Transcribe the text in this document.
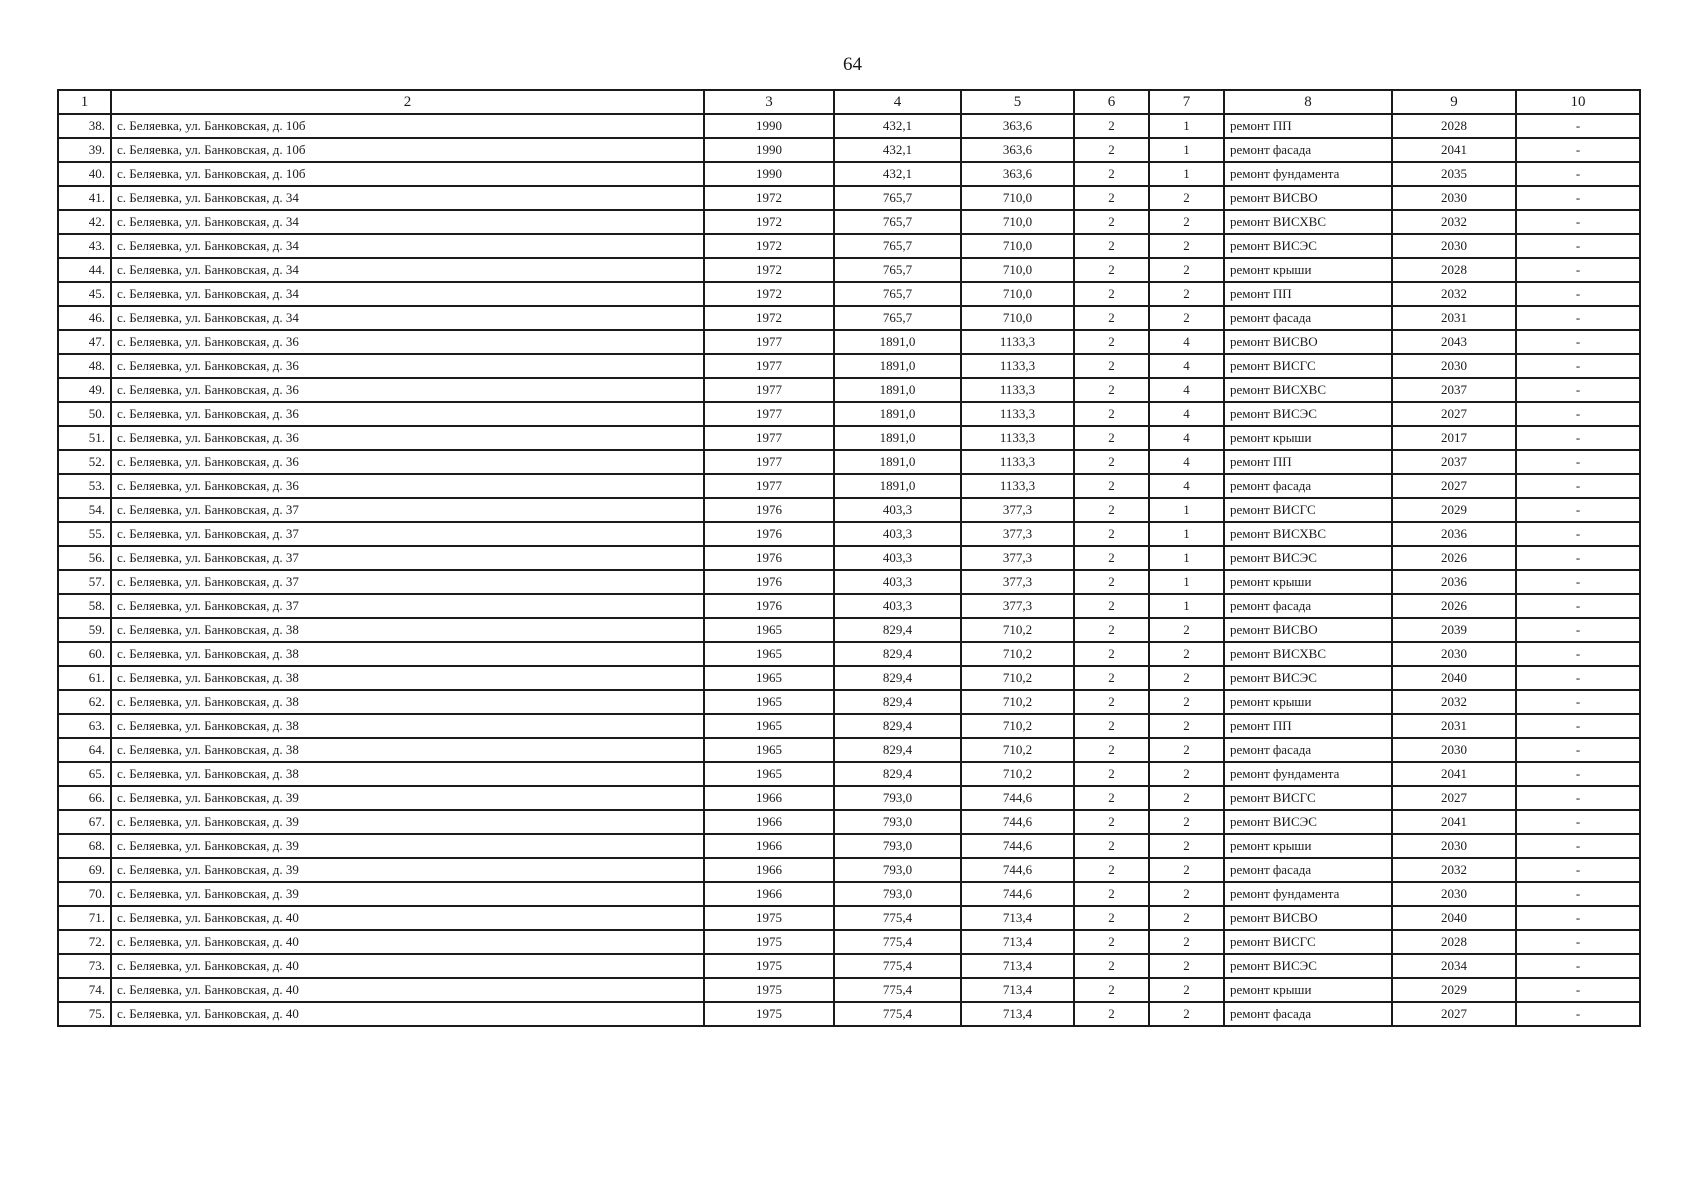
64
1	2	3	4	5	6	7	8	9	10
38.	с. Беляевка, ул. Банковская, д. 10б	1990	432,1	363,6	2	1	ремонт ПП	2028	-
39.	с. Беляевка, ул. Банковская, д. 10б	1990	432,1	363,6	2	1	ремонт фасада	2041	-
40.	с. Беляевка, ул. Банковская, д. 10б	1990	432,1	363,6	2	1	ремонт фундамента	2035	-
41.	с. Беляевка, ул. Банковская, д. 34	1972	765,7	710,0	2	2	ремонт ВИСВО	2030	-
42.	с. Беляевка, ул. Банковская, д. 34	1972	765,7	710,0	2	2	ремонт ВИСХВС	2032	-
43.	с. Беляевка, ул. Банковская, д. 34	1972	765,7	710,0	2	2	ремонт ВИСЭС	2030	-
44.	с. Беляевка, ул. Банковская, д. 34	1972	765,7	710,0	2	2	ремонт крыши	2028	-
45.	с. Беляевка, ул. Банковская, д. 34	1972	765,7	710,0	2	2	ремонт ПП	2032	-
46.	с. Беляевка, ул. Банковская, д. 34	1972	765,7	710,0	2	2	ремонт фасада	2031	-
47.	с. Беляевка, ул. Банковская, д. 36	1977	1891,0	1133,3	2	4	ремонт ВИСВО	2043	-
48.	с. Беляевка, ул. Банковская, д. 36	1977	1891,0	1133,3	2	4	ремонт ВИСГС	2030	-
49.	с. Беляевка, ул. Банковская, д. 36	1977	1891,0	1133,3	2	4	ремонт ВИСХВС	2037	-
50.	с. Беляевка, ул. Банковская, д. 36	1977	1891,0	1133,3	2	4	ремонт ВИСЭС	2027	-
51.	с. Беляевка, ул. Банковская, д. 36	1977	1891,0	1133,3	2	4	ремонт крыши	2017	-
52.	с. Беляевка, ул. Банковская, д. 36	1977	1891,0	1133,3	2	4	ремонт ПП	2037	-
53.	с. Беляевка, ул. Банковская, д. 36	1977	1891,0	1133,3	2	4	ремонт фасада	2027	-
54.	с. Беляевка, ул. Банковская, д. 37	1976	403,3	377,3	2	1	ремонт ВИСГС	2029	-
55.	с. Беляевка, ул. Банковская, д. 37	1976	403,3	377,3	2	1	ремонт ВИСХВС	2036	-
56.	с. Беляевка, ул. Банковская, д. 37	1976	403,3	377,3	2	1	ремонт ВИСЭС	2026	-
57.	с. Беляевка, ул. Банковская, д. 37	1976	403,3	377,3	2	1	ремонт крыши	2036	-
58.	с. Беляевка, ул. Банковская, д. 37	1976	403,3	377,3	2	1	ремонт фасада	2026	-
59.	с. Беляевка, ул. Банковская, д. 38	1965	829,4	710,2	2	2	ремонт ВИСВО	2039	-
60.	с. Беляевка, ул. Банковская, д. 38	1965	829,4	710,2	2	2	ремонт ВИСХВС	2030	-
61.	с. Беляевка, ул. Банковская, д. 38	1965	829,4	710,2	2	2	ремонт ВИСЭС	2040	-
62.	с. Беляевка, ул. Банковская, д. 38	1965	829,4	710,2	2	2	ремонт крыши	2032	-
63.	с. Беляевка, ул. Банковская, д. 38	1965	829,4	710,2	2	2	ремонт ПП	2031	-
64.	с. Беляевка, ул. Банковская, д. 38	1965	829,4	710,2	2	2	ремонт фасада	2030	-
65.	с. Беляевка, ул. Банковская, д. 38	1965	829,4	710,2	2	2	ремонт фундамента	2041	-
66.	с. Беляевка, ул. Банковская, д. 39	1966	793,0	744,6	2	2	ремонт ВИСГС	2027	-
67.	с. Беляевка, ул. Банковская, д. 39	1966	793,0	744,6	2	2	ремонт ВИСЭС	2041	-
68.	с. Беляевка, ул. Банковская, д. 39	1966	793,0	744,6	2	2	ремонт крыши	2030	-
69.	с. Беляевка, ул. Банковская, д. 39	1966	793,0	744,6	2	2	ремонт фасада	2032	-
70.	с. Беляевка, ул. Банковская, д. 39	1966	793,0	744,6	2	2	ремонт фундамента	2030	-
71.	с. Беляевка, ул. Банковская, д. 40	1975	775,4	713,4	2	2	ремонт ВИСВО	2040	-
72.	с. Беляевка, ул. Банковская, д. 40	1975	775,4	713,4	2	2	ремонт ВИСГС	2028	-
73.	с. Беляевка, ул. Банковская, д. 40	1975	775,4	713,4	2	2	ремонт ВИСЭС	2034	-
74.	с. Беляевка, ул. Банковская, д. 40	1975	775,4	713,4	2	2	ремонт крыши	2029	-
75.	с. Беляевка, ул. Банковская, д. 40	1975	775,4	713,4	2	2	ремонт фасада	2027	-
